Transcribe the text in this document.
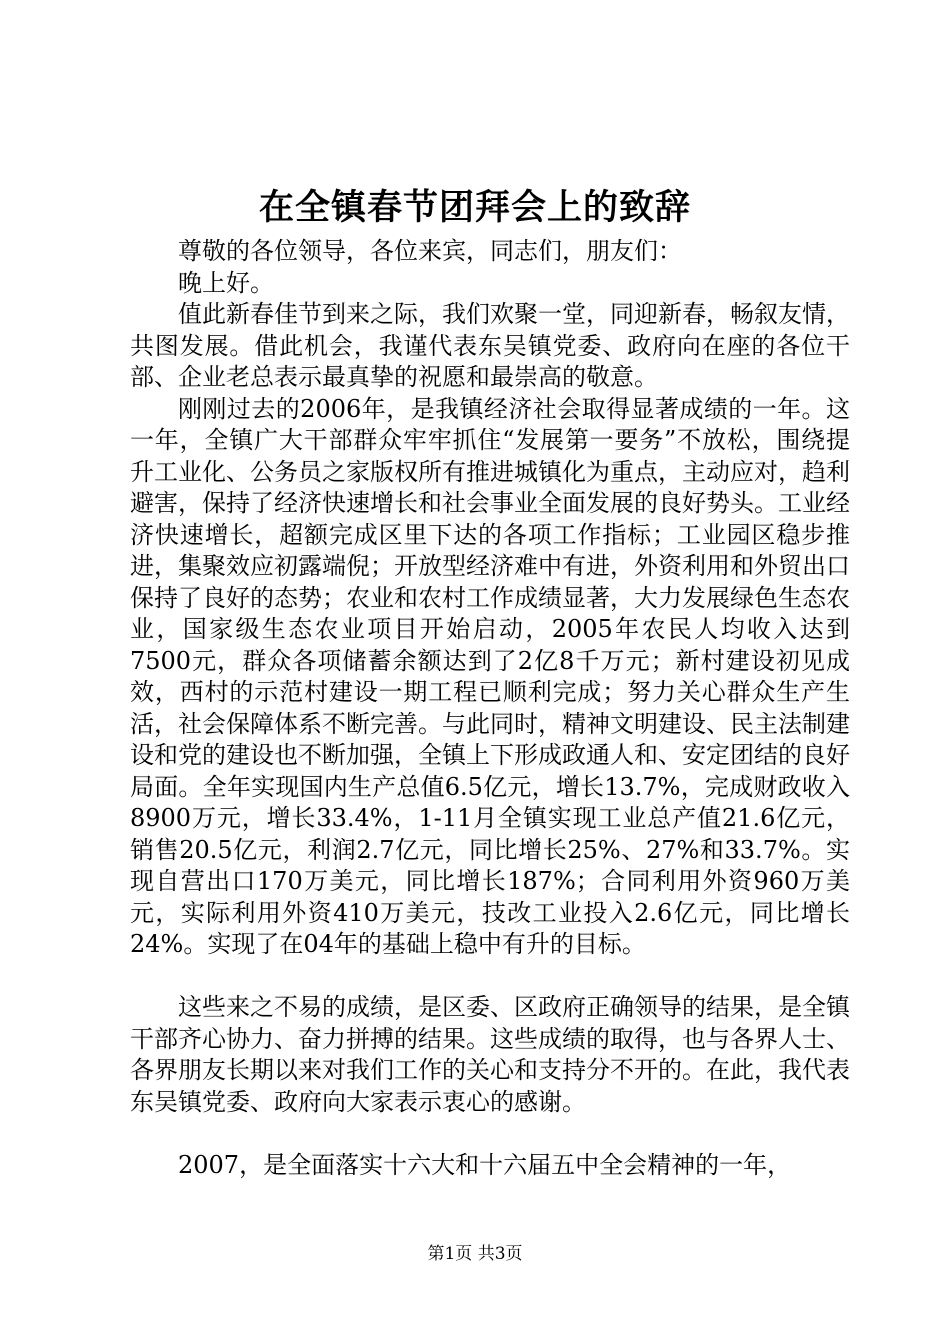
在全镇春节团拜会上的致辞

尊敬的各位领导，各位来宾，同志们，朋友们：

晚上好。

值此新春佳节到来之际，我们欢聚一堂，同迎新春，畅叙友情，共图发展。借此机会，我谨代表东吴镇党委、政府向在座的各位干部、企业老总表示最真挚的祝愿和最崇高的敬意。

刚刚过去的2006年，是我镇经济社会取得显著成绩的一年。这一年，全镇广大干部群众牢牢抓住“发展第一要务”不放松，围绕提升工业化、公务员之家版权所有推进城镇化为重点，主动应对，趋利避害，保持了经济快速增长和社会事业全面发展的良好势头。工业经济快速增长，超额完成区里下达的各项工作指标；工业园区稳步推进，集聚效应初露端倪；开放型经济难中有进，外资利用和外贸出口保持了良好的态势；农业和农村工作成绩显著，大力发展绿色生态农业，国家级生态农业项目开始启动，2005年农民人均收入达到7500元，群众各项储蓄余额达到了2亿8千万元；新村建设初见成效，西村的示范村建设一期工程已顺利完成；努力关心群众生产生活，社会保障体系不断完善。与此同时，精神文明建设、民主法制建设和党的建设也不断加强，全镇上下形成政通人和、安定团结的良好局面。全年实现国内生产总值6.5亿元，增长13.7%，完成财政收入8900万元，增长33.4%，1-11月全镇实现工业总产值21.6亿元，销售20.5亿元，利润2.7亿元，同比增长25%、27%和33.7%。实现自营出口170万美元，同比增长187%；合同利用外资960万美元，实际利用外资410万美元，技改工业投入2.6亿元，同比增长24%。实现了在04年的基础上稳中有升的目标。

这些来之不易的成绩，是区委、区政府正确领导的结果，是全镇干部齐心协力、奋力拼搏的结果。这些成绩的取得，也与各界人士、各界朋友长期以来对我们工作的关心和支持分不开的。在此，我代表东吴镇党委、政府向大家表示衷心的感谢。

2007，是全面落实十六大和十六届五中全会精神的一年，

第1页 共3页
